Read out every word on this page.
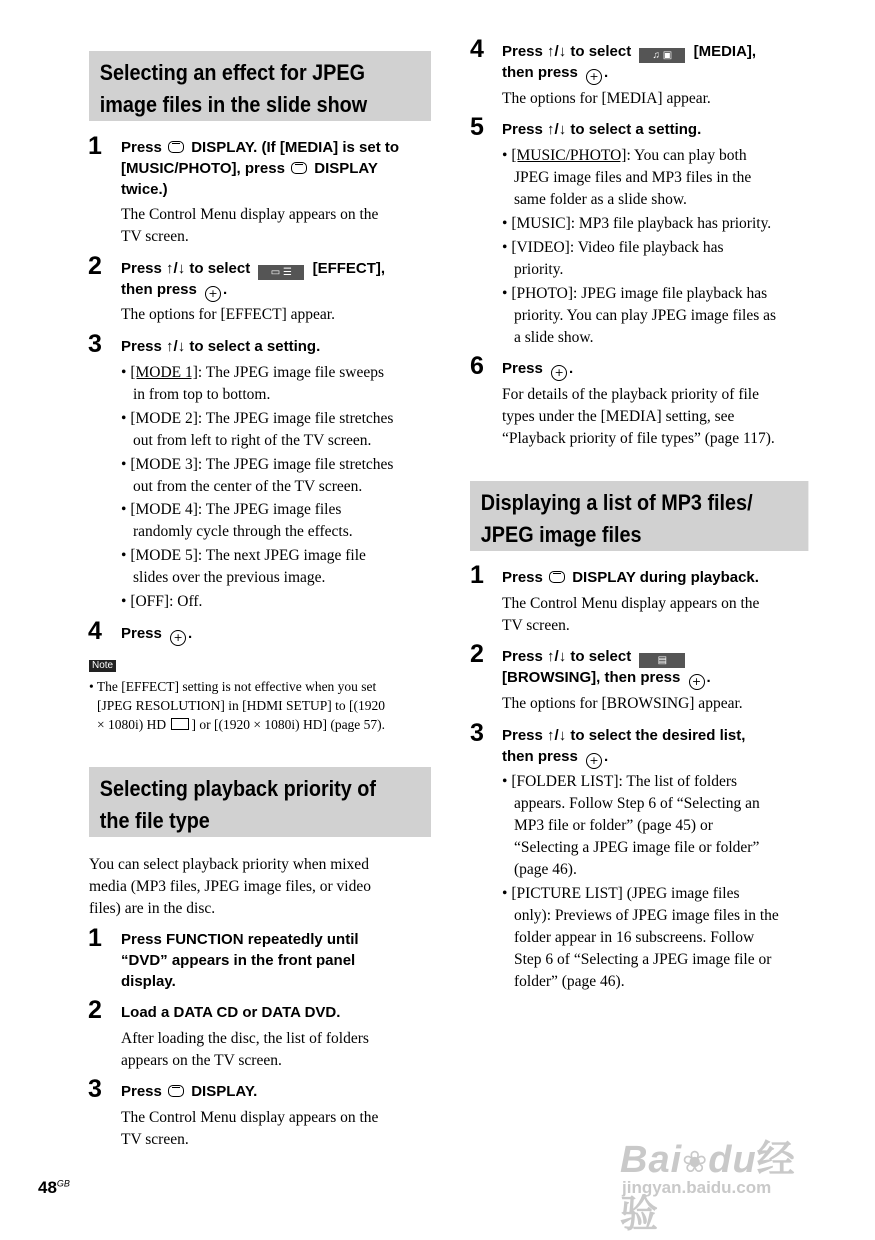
Selecting an effect for JPEG
image files in the slide show
1 Press  DISPLAY. (If [MEDIA] is set to
[MUSIC/PHOTO], press  DISPLAY
twice.)
The Control Menu display appears on the
TV screen.
2 Press ↑/↓ to select ▭ ☰ [EFFECT],
then press + .
The options for [EFFECT] appear.
3 Press ↑/↓ to select a setting.
• [MODE 1]: The JPEG image file sweeps
in from top to bottom.
• [MODE 2]: The JPEG image file stretches
out from left to right of the TV screen.
• [MODE 3]: The JPEG image file stretches
out from the center of the TV screen.
• [MODE 4]: The JPEG image files
randomly cycle through the effects.
• [MODE 5]: The next JPEG image file
slides over the previous image.
• [OFF]: Off.
4 Press + .
Note
• The [EFFECT] setting is not effective when you set
[JPEG RESOLUTION] in [HDMI SETUP] to [(1920
× 1080i) HD ] or [(1920 × 1080i) HD] (page 57).
Selecting playback priority of
the file type
You can select playback priority when mixed
media (MP3 files, JPEG image files, or video
files) are in the disc.
1 Press FUNCTION repeatedly until
“DVD” appears in the front panel
display.
2 Load a DATA CD or DATA DVD.
After loading the disc, the list of folders
appears on the TV screen.
3 Press  DISPLAY.
The Control Menu display appears on the
TV screen.
4 Press ↑/↓ to select ♫ ▣ [MEDIA],
then press + .
The options for [MEDIA] appear.
5 Press ↑/↓ to select a setting.
• [MUSIC/PHOTO]: You can play both
JPEG image files and MP3 files in the
same folder as a slide show.
• [MUSIC]: MP3 file playback has priority.
• [VIDEO]: Video file playback has
priority.
• [PHOTO]: JPEG image file playback has
priority. You can play JPEG image files as
a slide show.
6 Press + .
For details of the playback priority of file
types under the [MEDIA] setting, see
“Playback priority of file types” (page 117).
Displaying a list of MP3 files/
JPEG image files
1 Press  DISPLAY during playback.
The Control Menu display appears on the
TV screen.
2 Press ↑/↓ to select ▤
[BROWSING], then press + .
The options for [BROWSING] appear.
3 Press ↑/↓ to select the desired list,
then press + .
• [FOLDER LIST]: The list of folders
appears. Follow Step 6 of “Selecting an
MP3 file or folder” (page 45) or
“Selecting a JPEG image file or folder”
(page 46).
• [PICTURE LIST] (JPEG image files
only): Previews of JPEG image files in the
folder appear in 16 subscreens. Follow
Step 6 of “Selecting a JPEG image file or
folder” (page 46).
$48^{GB}$
Bai❀du经验
jingyan.baidu.com
